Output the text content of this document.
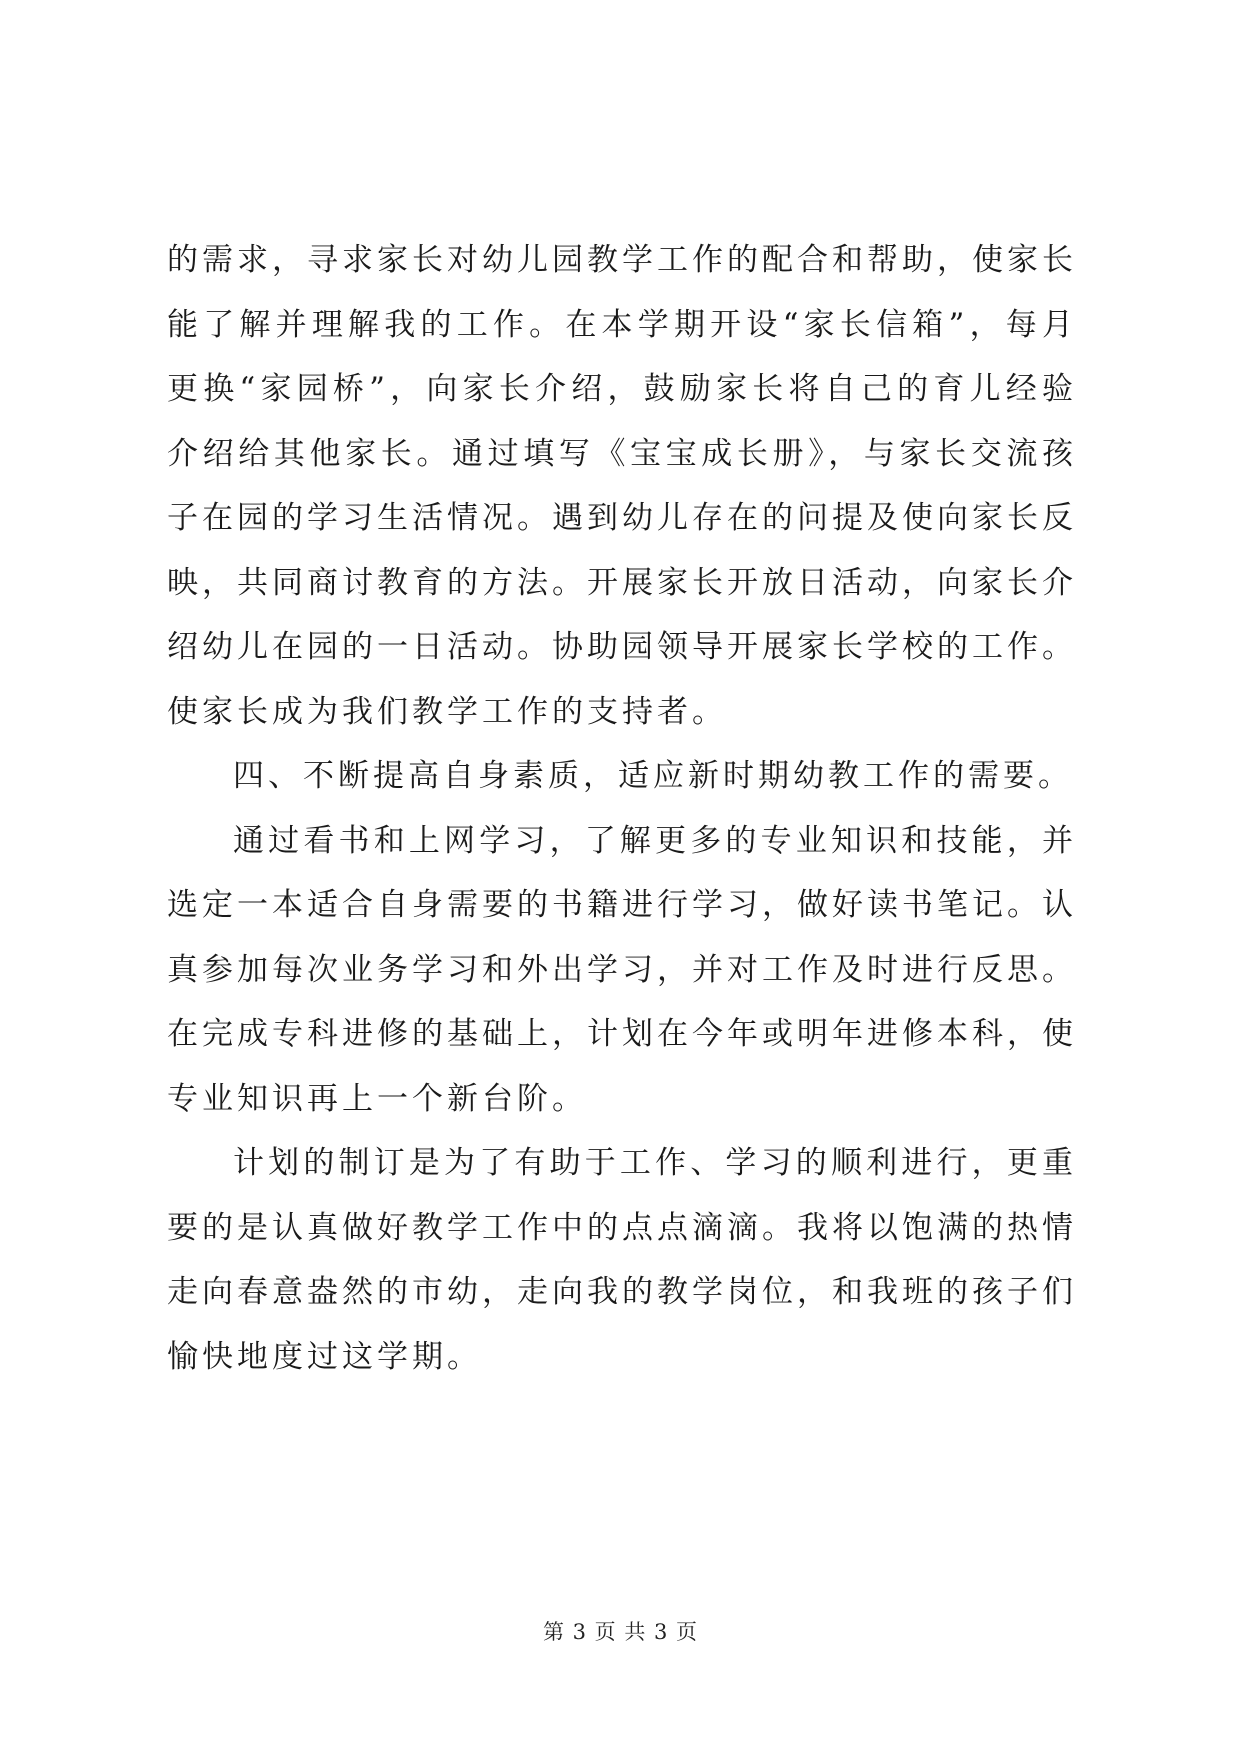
的需求，寻求家长对幼儿园教学工作的配合和帮助，使家长能了解并理解我的工作。在本学期开设“家长信箱”，每月更换“家园桥”，向家长介绍，鼓励家长将自己的育儿经验介绍给其他家长。通过填写《宝宝成长册》，与家长交流孩子在园的学习生活情况。遇到幼儿存在的问提及使向家长反映，共同商讨教育的方法。开展家长开放日活动，向家长介绍幼儿在园的一日活动。协助园领导开展家长学校的工作。使家长成为我们教学工作的支持者。

四、不断提高自身素质，适应新时期幼教工作的需要。

通过看书和上网学习，了解更多的专业知识和技能，并选定一本适合自身需要的书籍进行学习，做好读书笔记。认真参加每次业务学习和外出学习，并对工作及时进行反思。在完成专科进修的基础上，计划在今年或明年进修本科，使专业知识再上一个新台阶。

计划的制订是为了有助于工作、学习的顺利进行，更重要的是认真做好教学工作中的点点滴滴。我将以饱满的热情走向春意盎然的市幼，走向我的教学岗位，和我班的孩子们愉快地度过这学期。

第 3 页 共 3 页
